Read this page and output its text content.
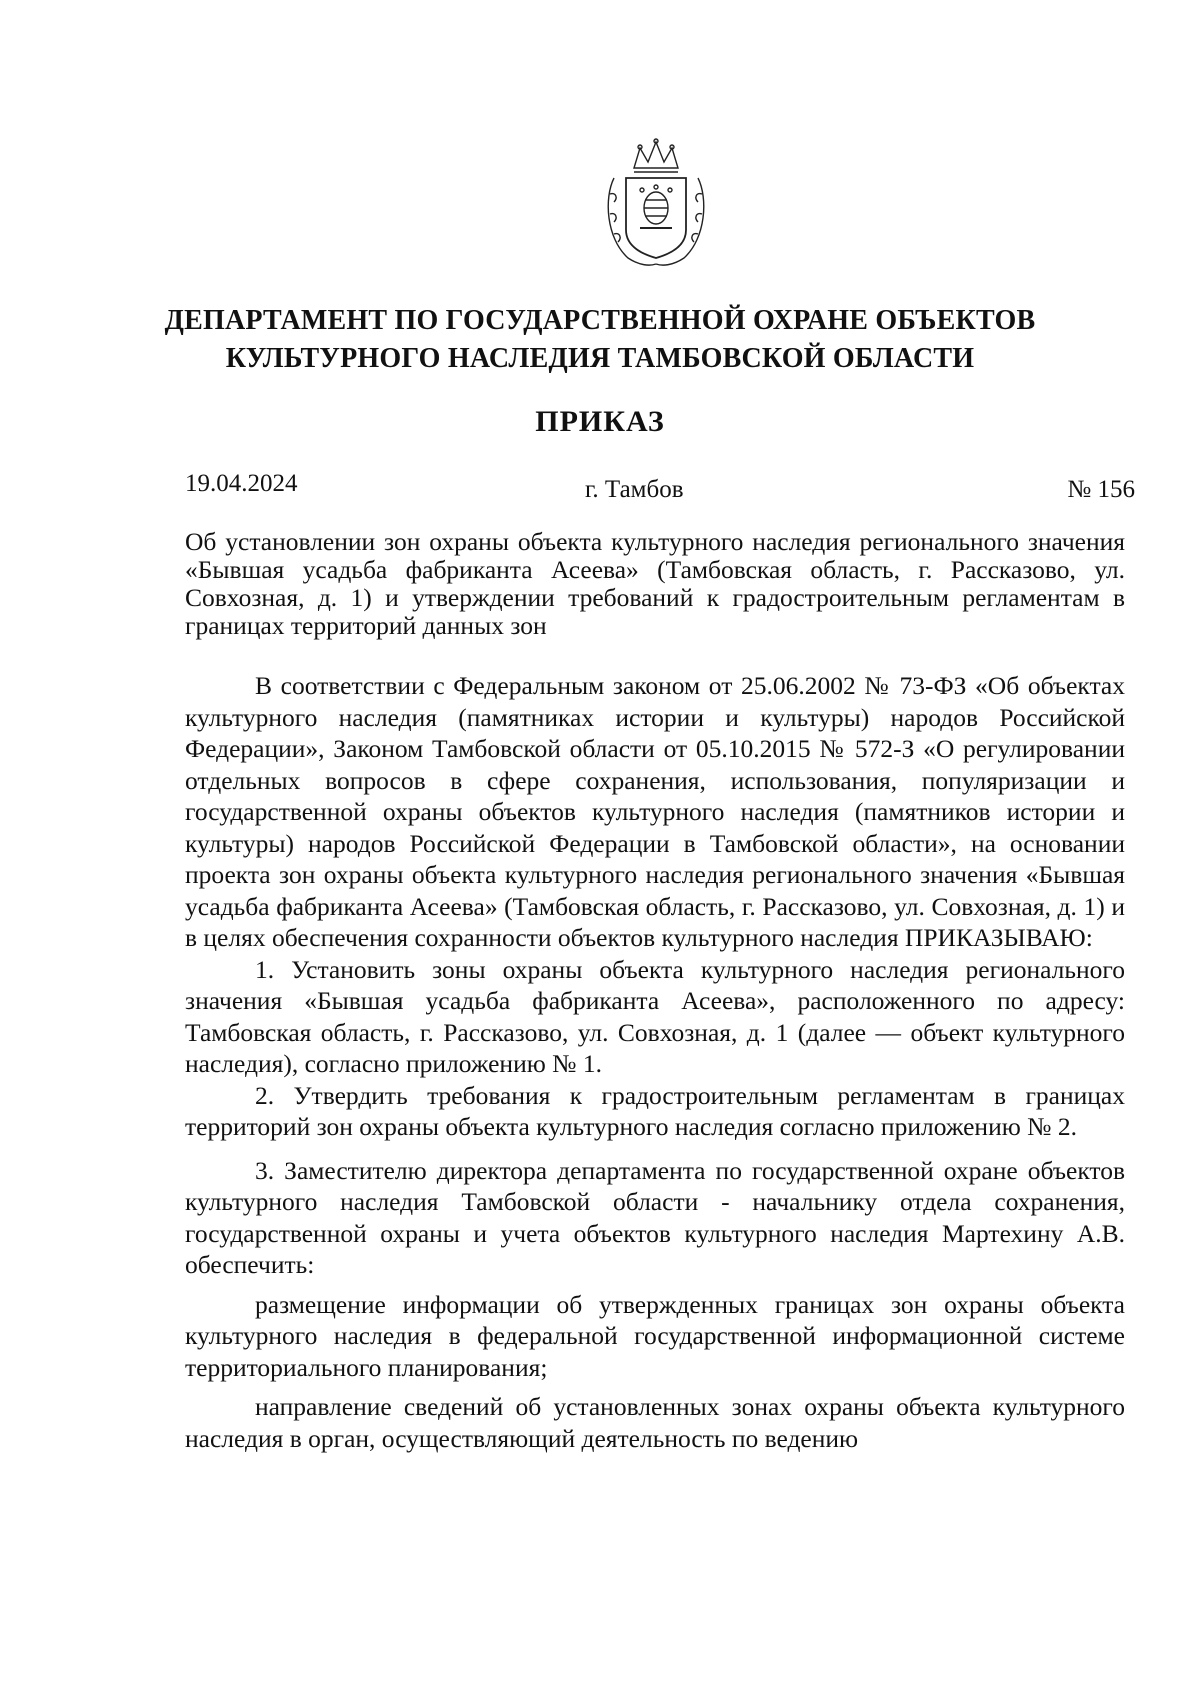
ДЕПАРТАМЕНТ ПО ГОСУДАРСТВЕННОЙ ОХРАНЕ ОБЪЕКТОВ КУЛЬТУРНОГО НАСЛЕДИЯ ТАМБОВСКОЙ ОБЛАСТИ
ПРИКАЗ
19.04.2024	г. Тамбов	№ 156
Об установлении зон охраны объекта культурного наследия регионального значения «Бывшая усадьба фабриканта Асеева» (Тамбовская область, г. Рассказово, ул. Совхозная, д. 1) и утверждении требований к градостроительным регламентам в границах территорий данных зон

В соответствии с Федеральным законом от 25.06.2002 № 73-ФЗ «Об объектах культурного наследия (памятниках истории и культуры) народов Российской Федерации», Законом Тамбовской области от 05.10.2015 № 572-З «О регулировании отдельных вопросов в сфере сохранения, использования, популяризации и государственной охраны объектов культурного наследия (памятников истории и культуры) народов Российской Федерации в Тамбовской области», на основании проекта зон охраны объекта культурного наследия регионального значения «Бывшая усадьба фабриканта Асеева» (Тамбовская область, г. Рассказово, ул. Совхозная, д. 1) и в целях обеспечения сохранности объектов культурного наследия ПРИКАЗЫВАЮ:

1. Установить зоны охраны объекта культурного наследия регионального значения «Бывшая усадьба фабриканта Асеева», расположенного по адресу: Тамбовская область, г. Рассказово, ул. Совхозная, д. 1 (далее — объект культурного наследия), согласно приложению № 1.

2. Утвердить требования к градостроительным регламентам в границах территорий зон охраны объекта культурного наследия согласно приложению № 2.

3. Заместителю директора департамента по государственной охране объектов культурного наследия Тамбовской области - начальнику отдела сохранения, государственной охраны и учета объектов культурного наследия Мартехину А.В. обеспечить:

размещение информации об утвержденных границах зон охраны объекта культурного наследия в федеральной государственной информационной системе территориального планирования;

направление сведений об установленных зонах охраны объекта культурного наследия в орган, осуществляющий деятельность по ведению
